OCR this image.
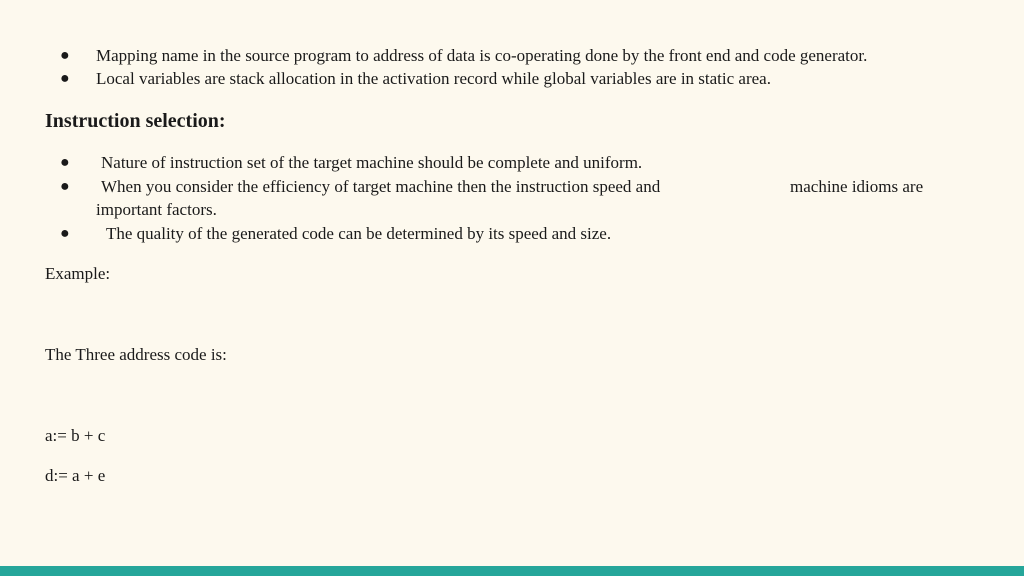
● Mapping name in the source program to address of data is co-operating done by the front end and code generator.
● Local variables are stack allocation in the activation record while global variables are in static area.
Instruction selection:
● Nature of instruction set of the target machine should be complete and uniform.
● When you consider the efficiency of target machine then the instruction speed and	machine idioms are
important factors.
● The quality of the generated code can be determined by its speed and size.
Example:
The Three address code is:
a:= b + c
d:= a + e
